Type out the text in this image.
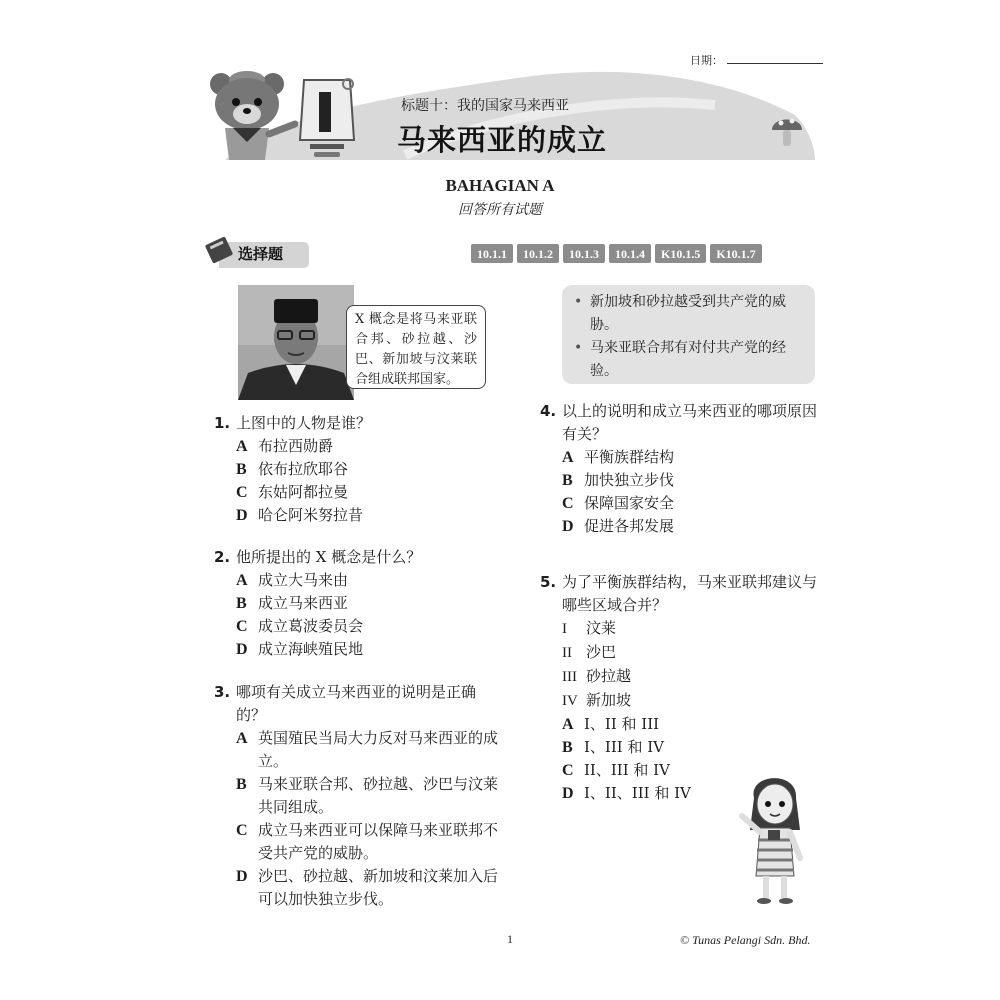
日期：
标题十：我的国家马来西亚
马来西亚的成立
BAHAGIAN A
回答所有试题
选择题	10.1.1	10.1.2	10.1.3	10.1.4	K10.1.5	K10.1.7
X 概念是将马来亚联合邦、砂拉越、沙巴、新加坡与汶莱联合组成联邦国家。
• 新加坡和砂拉越受到共产党的威胁。
• 马来亚联合邦有对付共产党的经验。
1. 上图中的人物是谁？
A 布拉西勋爵
B 依布拉欣耶谷
C 东姑阿都拉曼
D 哈仑阿米努拉昔
2. 他所提出的 X 概念是什么？
A 成立大马来由
B 成立马来西亚
C 成立葛波委员会
D 成立海峡殖民地
3. 哪项有关成立马来西亚的说明是正确的？
A 英国殖民当局大力反对马来西亚的成立。
B 马来亚联合邦、砂拉越、沙巴与汶莱共同组成。
C 成立马来西亚可以保障马来亚联邦不受共产党的威胁。
D 沙巴、砂拉越、新加坡和汶莱加入后可以加快独立步伐。
4. 以上的说明和成立马来西亚的哪项原因有关？
A 平衡族群结构
B 加快独立步伐
C 保障国家安全
D 促进各邦发展
5. 为了平衡族群结构，马来亚联邦建议与哪些区域合并？
I 汶莱
II 沙巴
III 砂拉越
IV 新加坡
A I、II 和 III
B I、III 和 IV
C II、III 和 IV
D I、II、III 和 IV
1	© Tunas Pelangi Sdn. Bhd.
